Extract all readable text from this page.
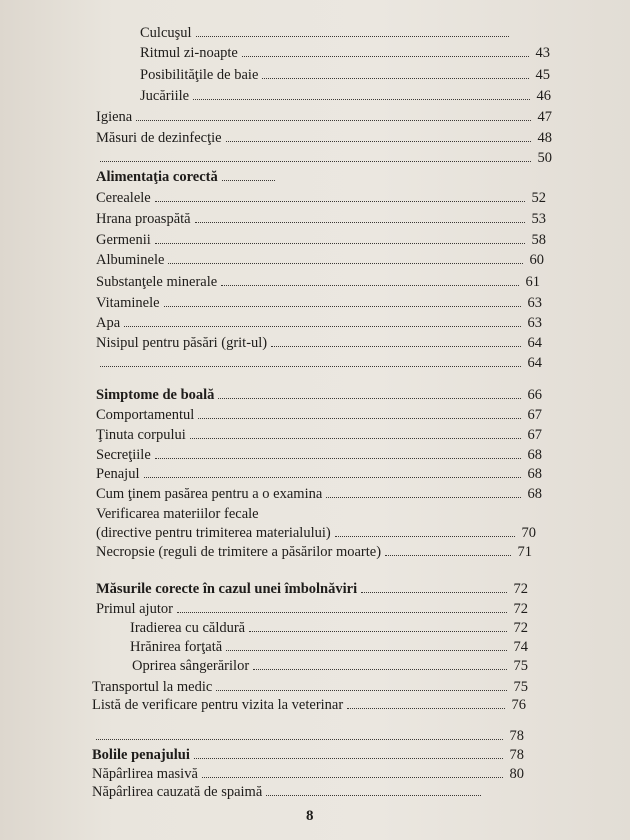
Culcuşul
Ritmul zi-noapte	43
Posibilităţile de baie	45
Jucăriile	46
Igiena	47
Măsuri de dezinfecţie	48
50
Alimentaţia corectă
Cerealele	52
Hrana proaspătă	53
Germenii	58
Albuminele	60
Substanţele minerale	61
Vitaminele	63
Apa	63
Nisipul pentru păsări (grit-ul)	64
64
Simptome de boală	66
Comportamentul	67
Ţinuta corpului	67
Secreţiile	68
Penajul	68
Cum ţinem pasărea pentru a o examina	68
Verificarea materiilor fecale
(directive pentru trimiterea materialului)	70
Necropsie (reguli de trimitere a păsărilor moarte)	71
Măsurile corecte în cazul unei îmbolnăviri	72
Primul ajutor	72
Iradierea cu căldură	72
Hrănirea forţată	74
Oprirea sângerărilor	75
Transportul la medic	75
Listă de verificare pentru vizita la veterinar	76
78
Bolile penajului	78
Năpârlirea masivă	80
Năpârlirea cauzată de spaimă
8
